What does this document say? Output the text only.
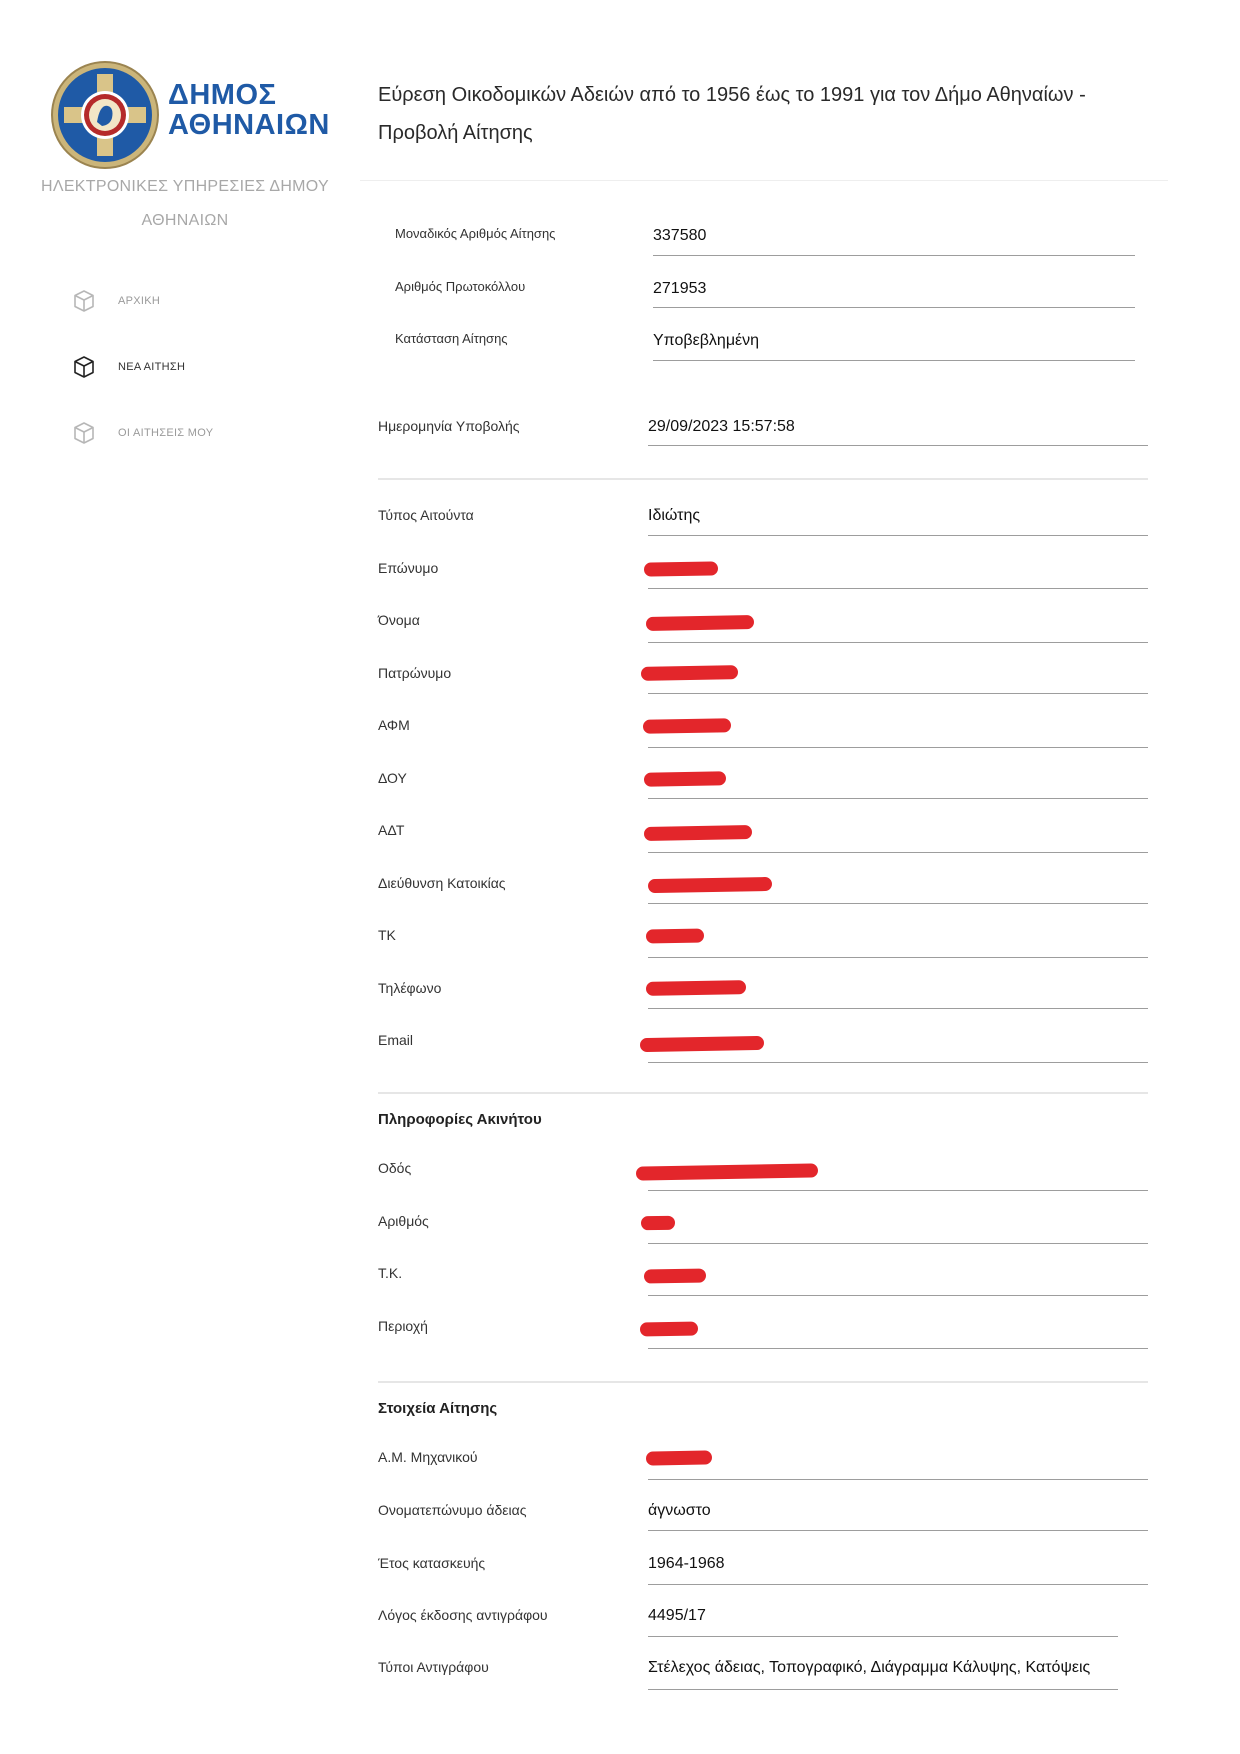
ΔΗΜΟΣ
ΑΘΗΝΑΙΩΝ
ΗΛΕΚΤΡΟΝΙΚΕΣ ΥΠΗΡΕΣΙΕΣ ΔΗΜΟΥ ΑΘΗΝΑΙΩΝ
ΑΡΧΙΚΗ
ΝΕΑ ΑΙΤΗΣΗ
ΟΙ ΑΙΤΗΣΕΙΣ ΜΟΥ
Εύρεση Οικοδομικών Αδειών από το 1956 έως το 1991 για τον Δήμο Αθηναίων - Προβολή Αίτησης
Μοναδικός Αριθμός Αίτησης	337580
Αριθμός Πρωτοκόλλου	271953
Κατάσταση Αίτησης	Υποβεβλημένη
Ημερομηνία Υποβολής	29/09/2023 15:57:58
Τύπος Αιτούντα	Ιδιώτης
Επώνυμο
Όνομα
Πατρώνυμο
ΑΦΜ
ΔΟΥ
ΑΔΤ
Διεύθυνση Κατοικίας
ΤΚ
Τηλέφωνο
Email
Πληροφορίες Ακινήτου
Οδός
Αριθμός
Τ.Κ.
Περιοχή
Στοιχεία Αίτησης
Α.Μ. Μηχανικού
Ονοματεπώνυμο άδειας	άγνωστο
Έτος κατασκευής	1964-1968
Λόγος έκδοσης αντιγράφου	4495/17
Τύποι Αντιγράφου	Στέλεχος άδειας, Τοπογραφικό, Διάγραμμα Κάλυψης, Κατόψεις
